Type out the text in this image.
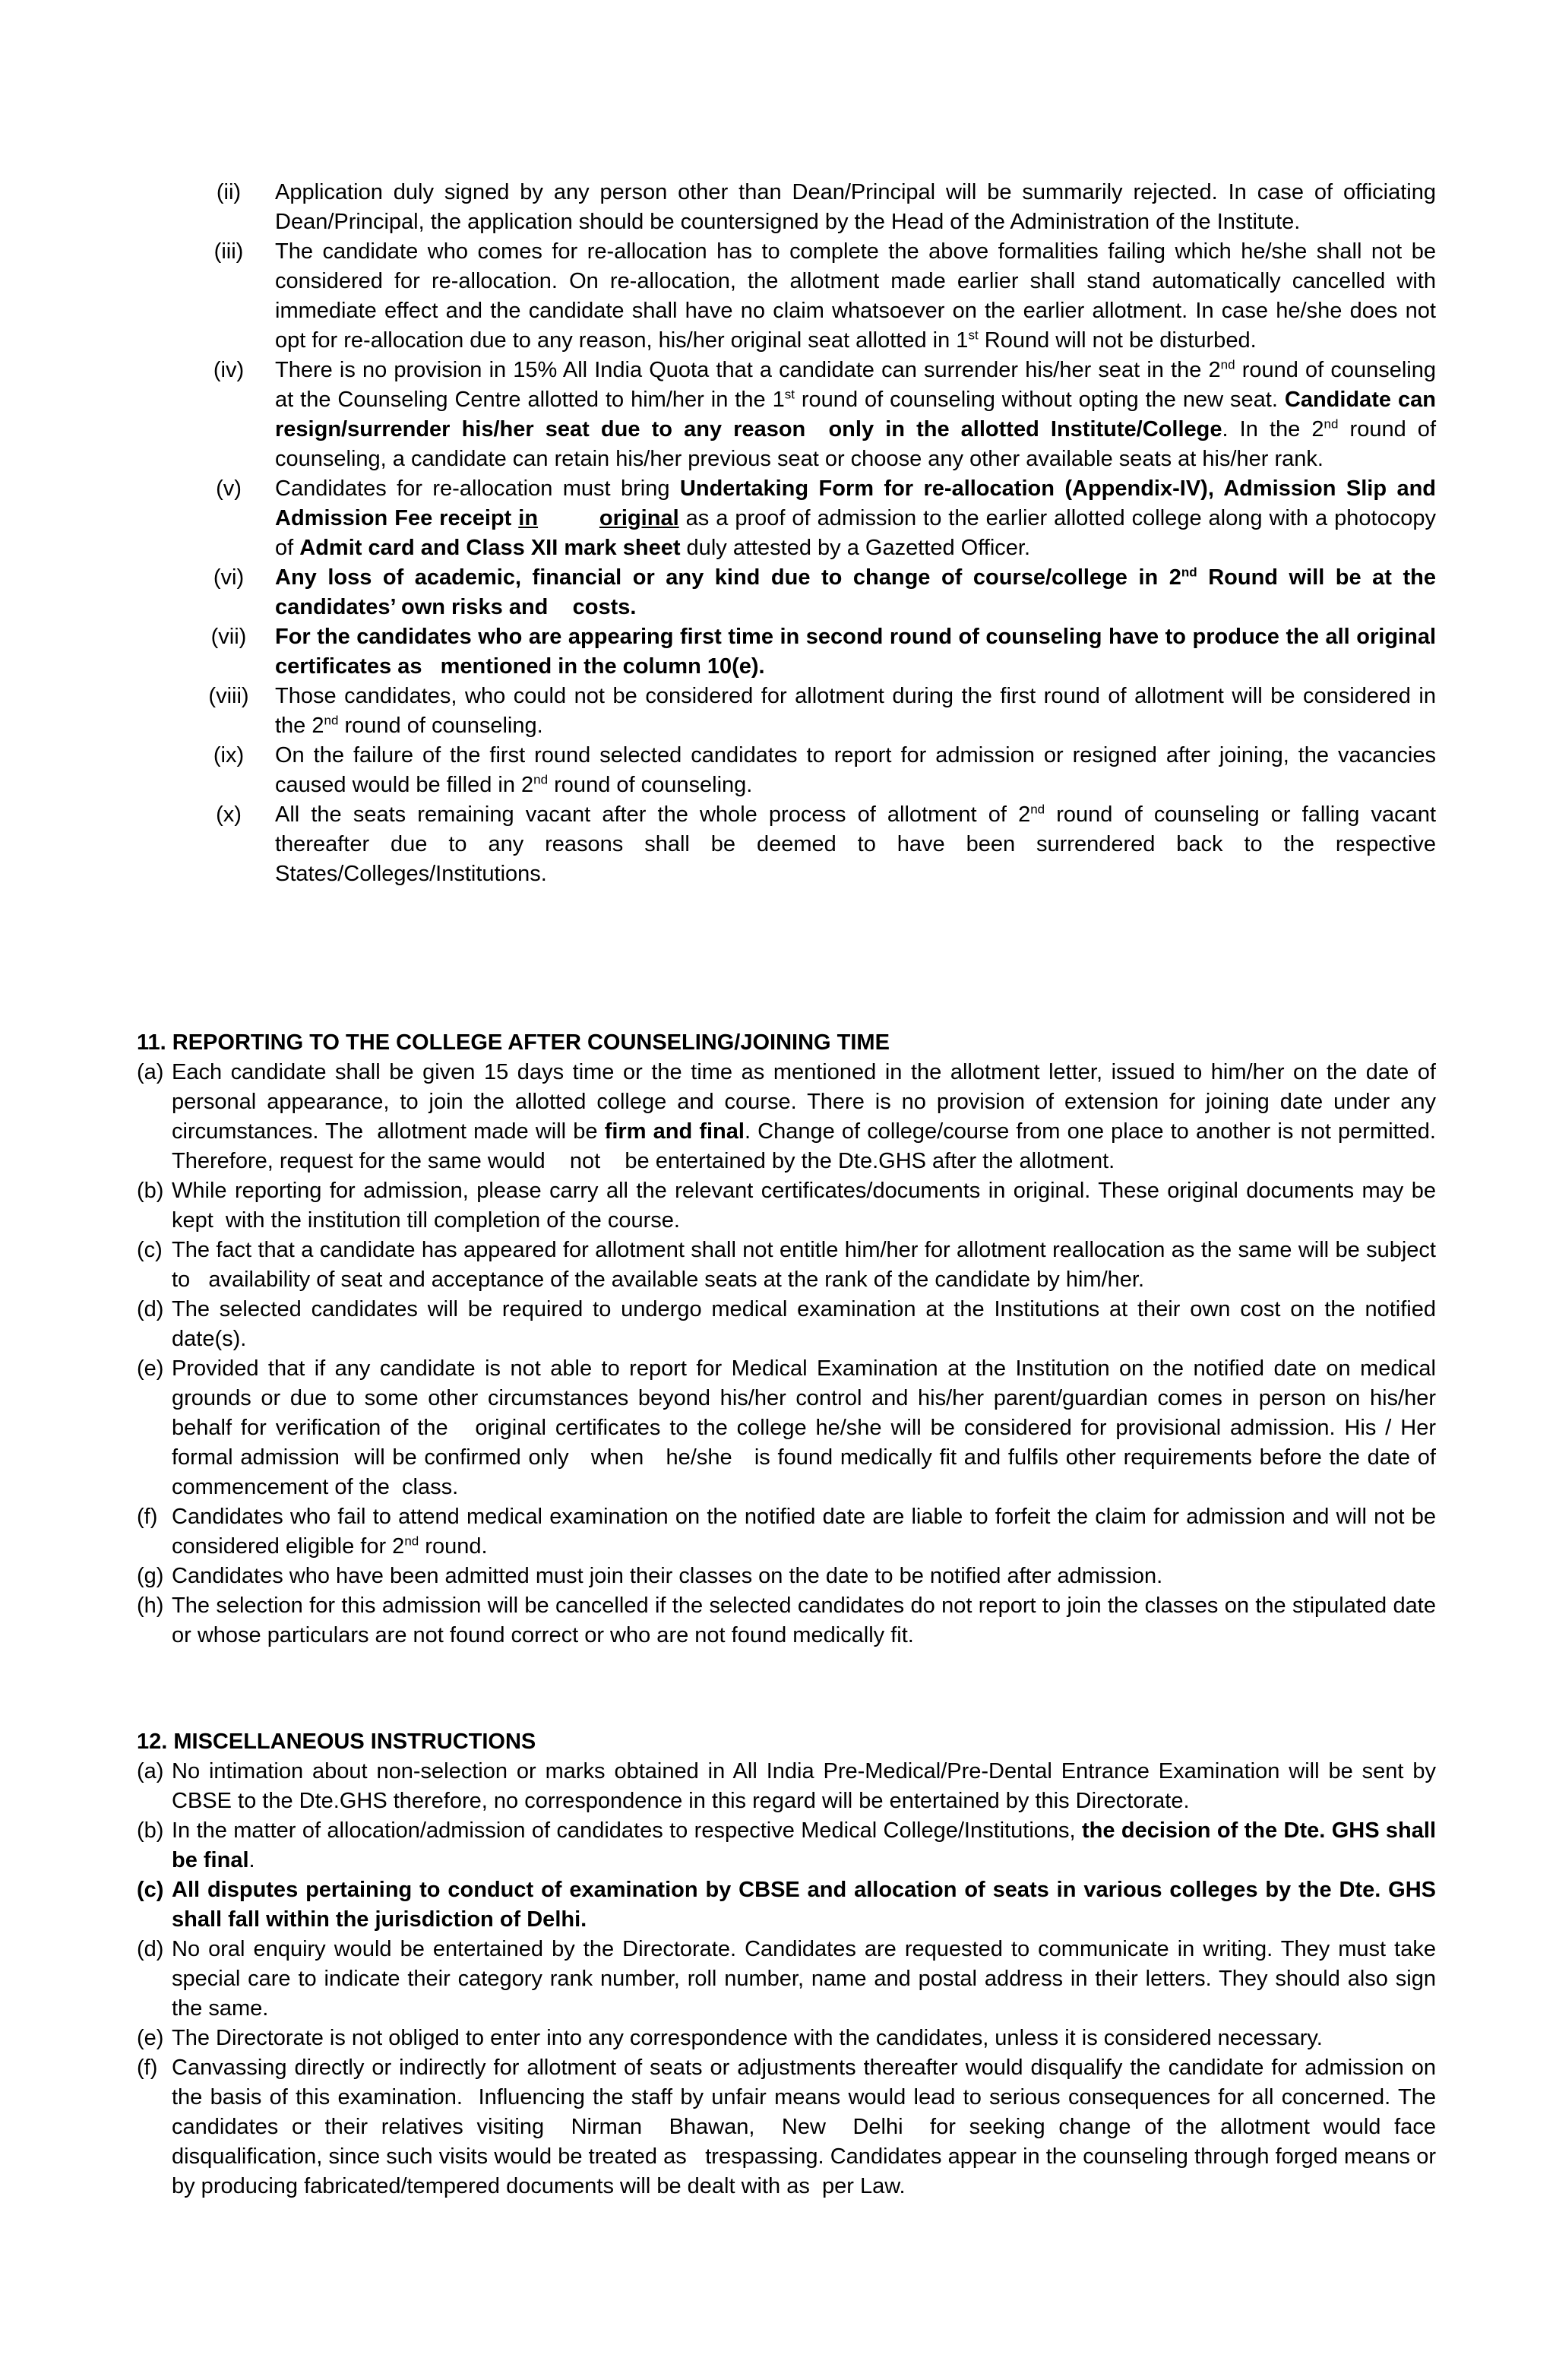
(ii)	Application duly signed by any person other than Dean/Principal will be summarily rejected. In case of officiating Dean/Principal, the application should be countersigned by the Head of the Administration of the Institute.
(iii)	The candidate who comes for re-allocation has to complete the above formalities failing which he/she shall not be considered for re-allocation. On re-allocation, the allotment made earlier shall stand automatically cancelled with immediate effect and the candidate shall have no claim whatsoever on the earlier allotment. In case he/she does not opt for re-allocation due to any reason, his/her original seat allotted in 1st Round will not be disturbed.
(iv)	There is no provision in 15% All India Quota that a candidate can surrender his/her seat in the 2nd round of counseling at the Counseling Centre allotted to him/her in the 1st round of counseling without opting the new seat. Candidate can resign/surrender his/her seat due to any reason  only in the allotted Institute/College. In the 2nd round of counseling, a candidate can retain his/her previous seat or choose any other available seats at his/her rank.
(v)	Candidates for re-allocation must bring Undertaking Form for re-allocation (Appendix-IV), Admission Slip and Admission Fee receipt in	original as a proof of admission to the earlier allotted college along with a photocopy of Admit card and Class XII mark sheet duly attested by a Gazetted Officer.
(vi)	Any loss of academic, financial or any kind due to change of course/college in 2nd Round will be at the candidates’ own risks and    costs.
(vii)	For the candidates who are appearing first time in second round of counseling have to produce the all original certificates as   mentioned in the column 10(e).
(viii)	Those candidates, who could not be considered for allotment during the first round of allotment will be considered in the 2nd round of counseling.
(ix)	On the failure of the first round selected candidates to report for admission or resigned after joining, the vacancies caused would be filled in 2nd round of counseling.
(x)	All the seats remaining vacant after the whole process of allotment of 2nd round of counseling or falling vacant thereafter due to any reasons shall be deemed to have been surrendered back to the respective States/Colleges/Institutions.
11. REPORTING TO THE COLLEGE AFTER COUNSELING/JOINING TIME
(a) Each candidate shall be given 15 days time or the time as mentioned in the allotment letter, issued to him/her on the date of    personal appearance, to join the allotted college and course. There is no provision of extension for joining date under any circumstances. The  allotment made will be firm and final. Change of college/course from one place to another is not permitted. Therefore, request for the same would    not    be entertained by the Dte.GHS after the allotment.
(b) While reporting for admission, please carry all the relevant certificates/documents in original. These original documents may be kept  with the institution till completion of the course.
(c) The fact that a candidate has appeared for allotment shall not entitle him/her for allotment reallocation as the same will be subject to   availability of seat and acceptance of the available seats at the rank of the candidate by him/her.
(d) The selected candidates will be required to undergo medical examination at the Institutions at their own cost on the notified date(s).
(e) Provided that if any candidate is not able to report for Medical Examination at the Institution on the notified date on medical grounds or due to some other circumstances beyond his/her control and his/her parent/guardian comes in person on his/her behalf for verification of the   original certificates to the college he/she will be considered for provisional admission. His / Her formal admission  will be confirmed only   when   he/she   is found medically fit and fulfils other requirements before the date of commencement of the  class.
(f) Candidates who fail to attend medical examination on the notified date are liable to forfeit the claim for admission and will not be considered eligible for 2nd round.
(g) Candidates who have been admitted must join their classes on the date to be notified after admission.
(h) The selection for this admission will be cancelled if the selected candidates do not report to join the classes on the stipulated date or whose particulars are not found correct or who are not found medically fit.
12. MISCELLANEOUS INSTRUCTIONS
(a) No intimation about non-selection or marks obtained in All India Pre-Medical/Pre-Dental Entrance Examination will be sent by CBSE to the Dte.GHS therefore, no correspondence in this regard will be entertained by this Directorate.
(b) In the matter of allocation/admission of candidates to respective Medical College/Institutions, the decision of the Dte. GHS shall be final.
(c) All disputes pertaining to conduct of examination by CBSE and allocation of seats in various colleges by the Dte. GHS shall fall within the jurisdiction of Delhi.
(d) No oral enquiry would be entertained by the Directorate. Candidates are requested to communicate in writing. They must take  special care to indicate their category rank number, roll number, name and postal address in their letters. They should also sign the same.
(e) The Directorate is not obliged to enter into any correspondence with the candidates, unless it is considered necessary.
(f) Canvassing directly or indirectly for allotment of seats or adjustments thereafter would disqualify the candidate for admission on the basis of this examination.  Influencing the staff by unfair means would lead to serious consequences for all concerned. The candidates or their relatives visiting  Nirman  Bhawan,  New  Delhi  for seeking change of the allotment would face disqualification, since such visits would be treated as   trespassing. Candidates appear in the counseling through forged means or by producing fabricated/tempered documents will be dealt with as  per Law.
